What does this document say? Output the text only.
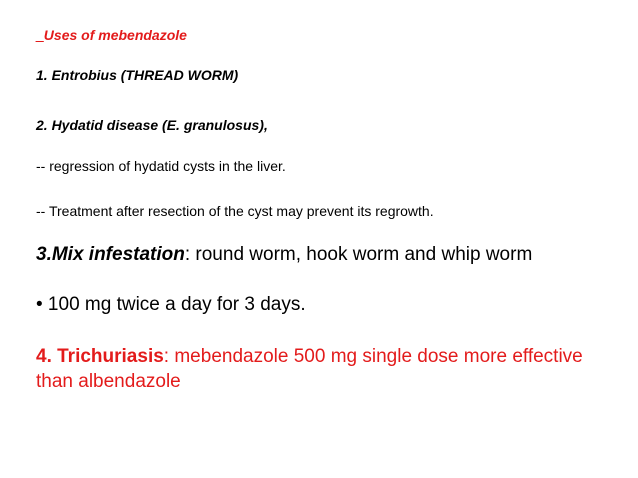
_Uses of mebendazole
1. Entrobius (THREAD WORM)
2. Hydatid disease (E. granulosus),
-- regression of hydatid cysts in the liver.
-- Treatment after resection of the cyst may prevent its regrowth.
3.Mix infestation: round worm, hook worm and whip worm
• 100 mg twice a day for 3 days.
4. Trichuriasis: mebendazole 500 mg single dose more effective
than albendazole
